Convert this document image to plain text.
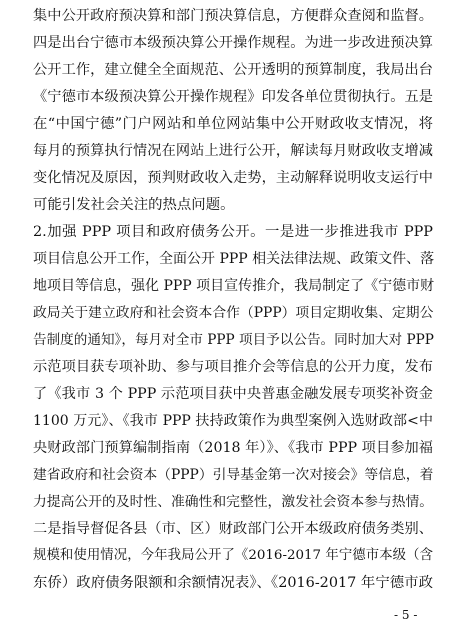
集中公开政府预决算和部门预决算信息，方便群众查阅和监督。
四是出台宁德市本级预决算公开操作规程。为进一步改进预决算
公开工作，建立健全全面规范、公开透明的预算制度，我局出台
《宁德市本级预决算公开操作规程》印发各单位贯彻执行。五是
在“中国宁德”门户网站和单位网站集中公开财政收支情况，将
每月的预算执行情况在网站上进行公开，解读每月财政收支增减
变化情况及原因，预判财政收入走势，主动解释说明收支运行中
可能引发社会关注的热点问题。
2.加强 PPP 项目和政府债务公开。一是进一步推进我市 PPP
项目信息公开工作，全面公开 PPP 相关法律法规、政策文件、落
地项目等信息，强化 PPP 项目宣传推介，我局制定了《宁德市财
政局关于建立政府和社会资本合作（PPP）项目定期收集、定期公
告制度的通知》，每月对全市 PPP 项目予以公告。同时加大对 PPP
示范项目获专项补助、参与项目推介会等信息的公开力度，发布
了《我市 3 个 PPP 示范项目获中央普惠金融发展专项奖补资金
1100 万元》、《我市 PPP 扶持政策作为典型案例入选财政部<中
央财政部门预算编制指南（2018 年）》、《我市 PPP 项目参加福
建省政府和社会资本（PPP）引导基金第一次对接会》等信息，着
力提高公开的及时性、准确性和完整性，激发社会资本参与热情。
二是指导督促各县（市、区）财政部门公开本级政府债务类别、
规模和使用情况，今年我局公开了《2016-2017 年宁德市本级（含
东侨）政府债务限额和余额情况表》、《2016-2017 年宁德市政
- 5 -
